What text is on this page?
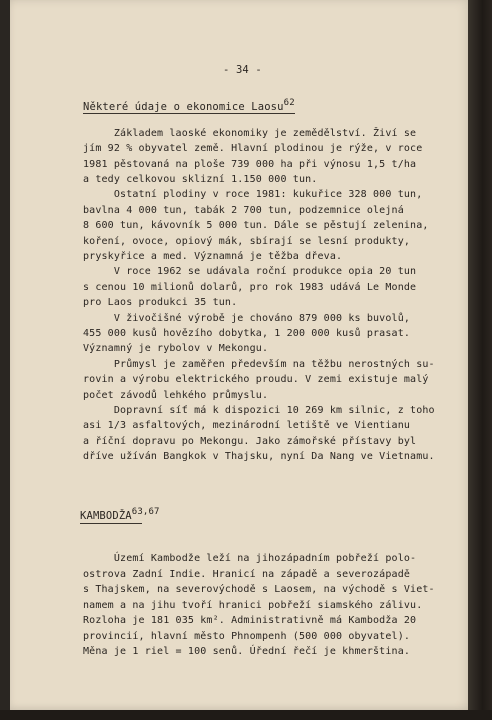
- 34 -
Některé údaje o ekonomice Laosu62
Základem laoské ekonomiky je zemědělství. Živí se
jím 92 % obyvatel země. Hlavní plodinou je rýže, v roce
1981 pěstovaná na ploše 739 000 ha při výnosu 1,5 t/ha
a tedy celkovou sklizní 1.150 000 tun.
Ostatní plodiny v roce 1981: kukuřice 328 000 tun,
bavlna 4 000 tun, tabák 2 700 tun, podzemnice olejná
8 600 tun, kávovník 5 000 tun. Dále se pěstují zelenina,
koření, ovoce, opiový mák, sbírají se lesní produkty,
pryskyřice a med. Významná je těžba dřeva.
V roce 1962 se udávala roční produkce opia 20 tun
s cenou 10 milionů dolarů, pro rok 1983 udává Le Monde
pro Laos produkci 35 tun.
V živočišné výrobě je chováno 879 000 ks buvolů,
455 000 kusů hovězího dobytka, 1 200 000 kusů prasat.
Významný je rybolov v Mekongu.
Průmysl je zaměřen především na těžbu nerostných su-
rovin a výrobu elektrického proudu. V zemi existuje malý
počet závodů lehkého průmyslu.
Dopravní síť má k dispozici 10 269 km silnic, z toho
asi 1/3 asfaltových, mezinárodní letiště ve Vientianu
a říční dopravu po Mekongu. Jako zámořské přístavy byl
dříve užíván Bangkok v Thajsku, nyní Da Nang ve Vietnamu.
KAMBODŽA63,67
Území Kambodže leží na jihozápadním pobřeží polo-
ostrova Zadní Indie. Hranicí na západě a severozápadě
s Thajskem, na severovýchodě s Laosem, na východě s Viet-
namem a na jihu tvoří hranici pobřeží siamského zálivu.
Rozloha je 181 035 km². Administrativně má Kambodža 20
provincií, hlavní město Phnompenh (500 000 obyvatel).
Měna je 1 riel = 100 senů. Úřední řečí je khmerština.
